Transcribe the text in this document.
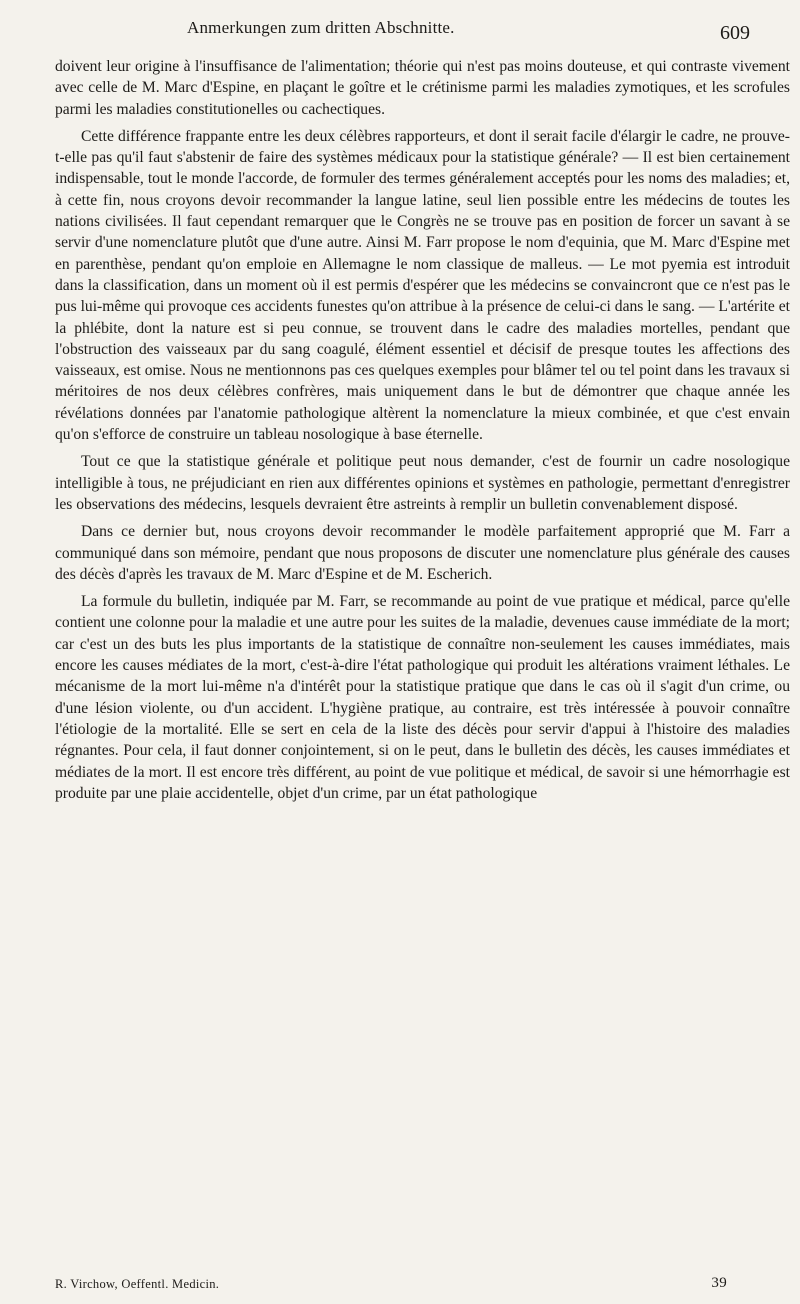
Anmerkungen zum dritten Abschnitte.	609

doivent leur origine à l'insuffisance de l'alimentation; théorie qui n'est pas moins douteuse, et qui contraste vivement avec celle de M. Marc d'Espine, en plaçant le goître et le crétinisme parmi les maladies zymotiques, et les scrofules parmi les maladies constitutionelles ou cachectiques.

Cette différence frappante entre les deux célèbres rapporteurs, et dont il serait facile d'élargir le cadre, ne prouve-t-elle pas qu'il faut s'abstenir de faire des systèmes médicaux pour la statistique générale? — Il est bien certainement indispensable, tout le monde l'accorde, de formuler des termes généralement acceptés pour les noms des maladies; et, à cette fin, nous croyons devoir recommander la langue latine, seul lien possible entre les médecins de toutes les nations civilisées. Il faut cependant remarquer que le Congrès ne se trouve pas en position de forcer un savant à se servir d'une nomenclature plutôt que d'une autre. Ainsi M. Farr propose le nom d'equinia, que M. Marc d'Espine met en parenthèse, pendant qu'on emploie en Allemagne le nom classique de malleus. — Le mot pyemia est introduit dans la classification, dans un moment où il est permis d'espérer que les médecins se convaincront que ce n'est pas le pus lui-même qui provoque ces accidents funestes qu'on attribue à la présence de celui-ci dans le sang. — L'artérite et la phlébite, dont la nature est si peu connue, se trouvent dans le cadre des maladies mortelles, pendant que l'obstruction des vaisseaux par du sang coagulé, élément essentiel et décisif de presque toutes les affections des vaisseaux, est omise. Nous ne mentionnons pas ces quelques exemples pour blâmer tel ou tel point dans les travaux si méritoires de nos deux célèbres confrères, mais uniquement dans le but de démontrer que chaque année les révélations données par l'anatomie pathologique altèrent la nomenclature la mieux combinée, et que c'est envain qu'on s'efforce de construire un tableau nosologique à base éternelle.

Tout ce que la statistique générale et politique peut nous demander, c'est de fournir un cadre nosologique intelligible à tous, ne préjudiciant en rien aux différentes opinions et systèmes en pathologie, permettant d'enregistrer les observations des médecins, lesquels devraient être astreints à remplir un bulletin convenablement disposé.

Dans ce dernier but, nous croyons devoir recommander le modèle parfaitement approprié que M. Farr a communiqué dans son mémoire, pendant que nous proposons de discuter une nomenclature plus générale des causes des décès d'après les travaux de M. Marc d'Espine et de M. Escherich.

La formule du bulletin, indiquée par M. Farr, se recommande au point de vue pratique et médical, parce qu'elle contient une colonne pour la maladie et une autre pour les suites de la maladie, devenues cause immédiate de la mort; car c'est un des buts les plus importants de la statistique de connaître non-seulement les causes immédiates, mais encore les causes médiates de la mort, c'est-à-dire l'état pathologique qui produit les altérations vraiment léthales. Le mécanisme de la mort lui-même n'a d'intérêt pour la statistique pratique que dans le cas où il s'agit d'un crime, ou d'une lésion violente, ou d'un accident. L'hygiène pratique, au contraire, est très intéressée à pouvoir connaître l'étiologie de la mortalité. Elle se sert en cela de la liste des décès pour servir d'appui à l'histoire des maladies régnantes. Pour cela, il faut donner conjointement, si on le peut, dans le bulletin des décès, les causes immédiates et médiates de la mort. Il est encore très différent, au point de vue politique et médical, de savoir si une hémorrhagie est produite par une plaie accidentelle, objet d'un crime, par un état pathologique

R. Virchow, Oeffentl. Medicin.	39
